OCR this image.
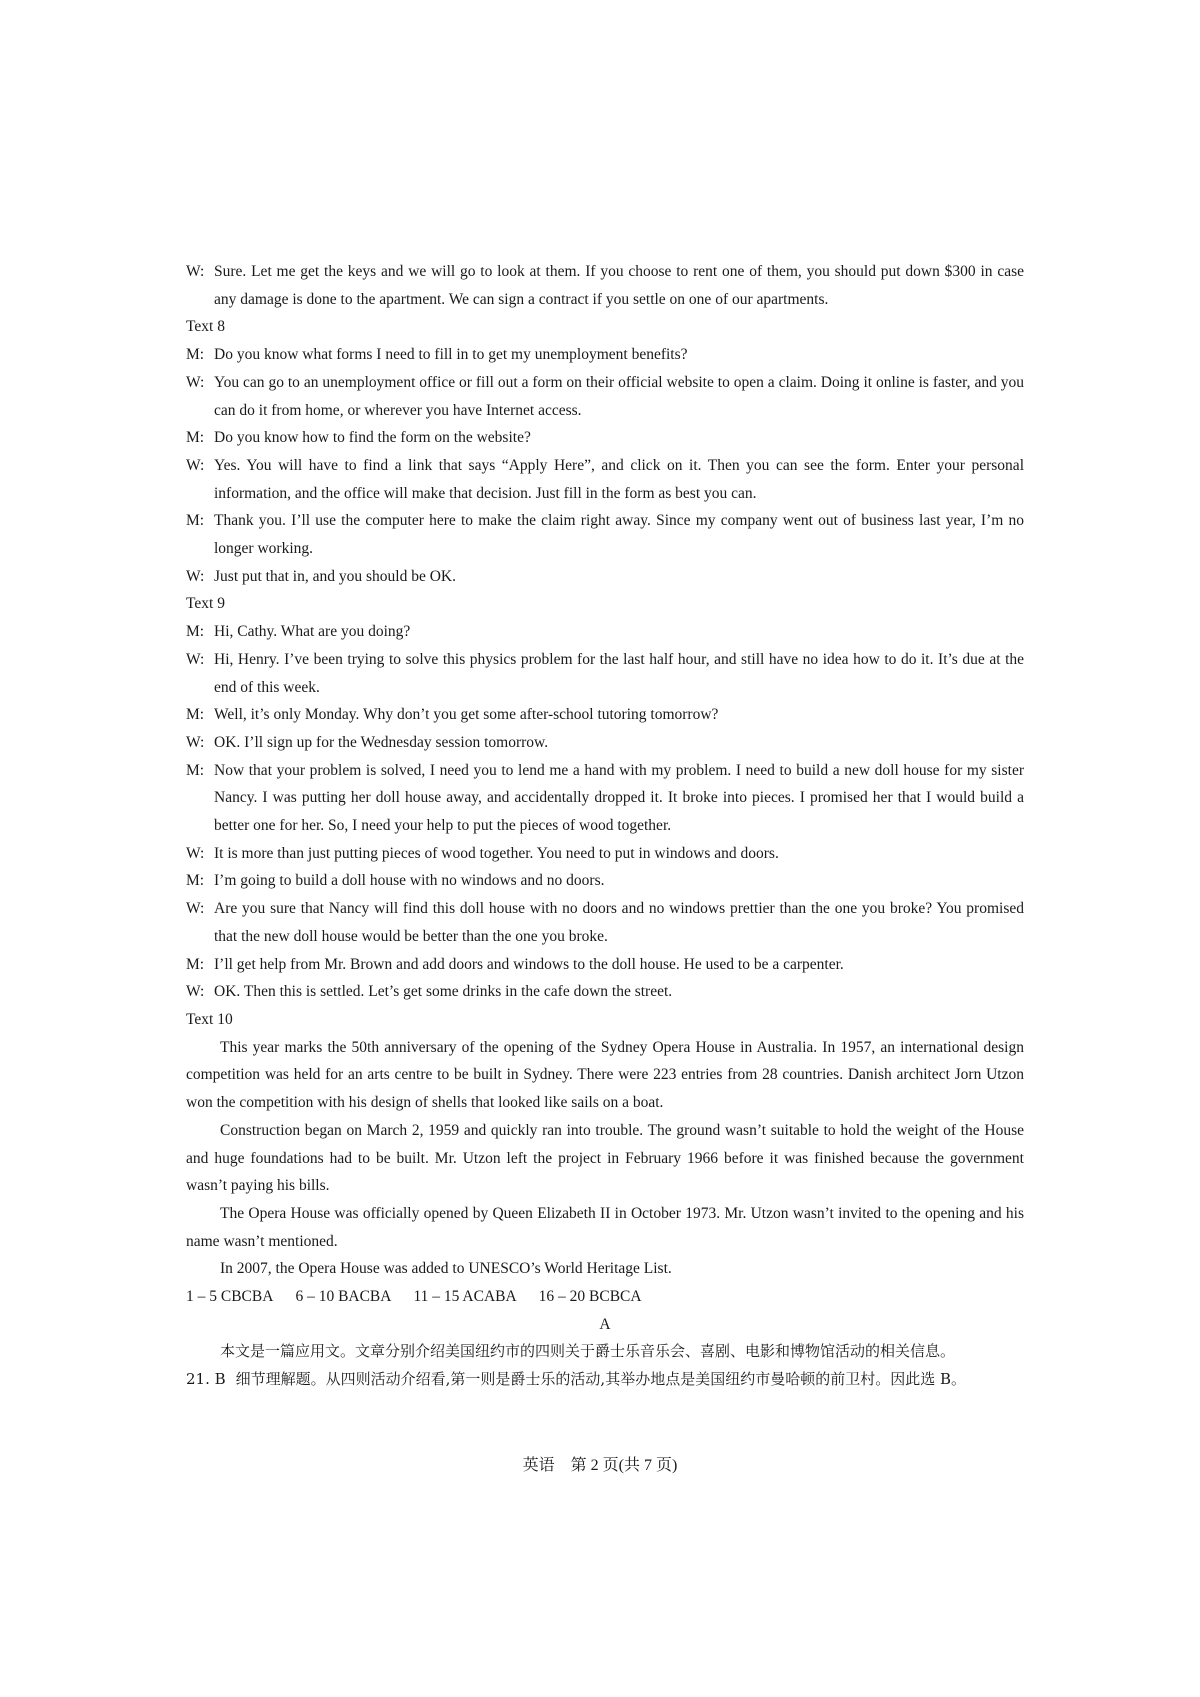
W: Sure. Let me get the keys and we will go to look at them. If you choose to rent one of them, you should put down $300 in case any damage is done to the apartment. We can sign a contract if you settle on one of our apartments.
Text 8
M: Do you know what forms I need to fill in to get my unemployment benefits?
W: You can go to an unemployment office or fill out a form on their official website to open a claim. Doing it online is faster, and you can do it from home, or wherever you have Internet access.
M: Do you know how to find the form on the website?
W: Yes. You will have to find a link that says “Apply Here”, and click on it. Then you can see the form. Enter your personal information, and the office will make that decision. Just fill in the form as best you can.
M: Thank you. I’ll use the computer here to make the claim right away. Since my company went out of business last year, I’m no longer working.
W: Just put that in, and you should be OK.
Text 9
M: Hi, Cathy. What are you doing?
W: Hi, Henry. I’ve been trying to solve this physics problem for the last half hour, and still have no idea how to do it. It’s due at the end of this week.
M: Well, it’s only Monday. Why don’t you get some after-school tutoring tomorrow?
W: OK. I’ll sign up for the Wednesday session tomorrow.
M: Now that your problem is solved, I need you to lend me a hand with my problem. I need to build a new doll house for my sister Nancy. I was putting her doll house away, and accidentally dropped it. It broke into pieces. I promised her that I would build a better one for her. So, I need your help to put the pieces of wood together.
W: It is more than just putting pieces of wood together. You need to put in windows and doors.
M: I’m going to build a doll house with no windows and no doors.
W: Are you sure that Nancy will find this doll house with no doors and no windows prettier than the one you broke? You promised that the new doll house would be better than the one you broke.
M: I’ll get help from Mr. Brown and add doors and windows to the doll house. He used to be a carpenter.
W: OK. Then this is settled. Let’s get some drinks in the cafe down the street.
Text 10
This year marks the 50th anniversary of the opening of the Sydney Opera House in Australia. In 1957, an international design competition was held for an arts centre to be built in Sydney. There were 223 entries from 28 countries. Danish architect Jorn Utzon won the competition with his design of shells that looked like sails on a boat.
Construction began on March 2, 1959 and quickly ran into trouble. The ground wasn’t suitable to hold the weight of the House and huge foundations had to be built. Mr. Utzon left the project in February 1966 before it was finished because the government wasn’t paying his bills.
The Opera House was officially opened by Queen Elizabeth II in October 1973. Mr. Utzon wasn’t invited to the opening and his name wasn’t mentioned.
In 2007, the Opera House was added to UNESCO’s World Heritage List.
1 – 5 CBCBA 6 – 10 BACBA 11 – 15 ACABA 16 – 20 BCBCA
A
本文是一篇应用文。文章分别介绍美国纽约市的四则关于爵士乐音乐会、喜剧、电影和博物馆活动的相关信息。
21. B 细节理解题。从四则活动介绍看,第一则是爵士乐的活动,其举办地点是美国纽约市曼哈顿的前卫村。因此选 B。
英语　第 2 页(共 7 页)
